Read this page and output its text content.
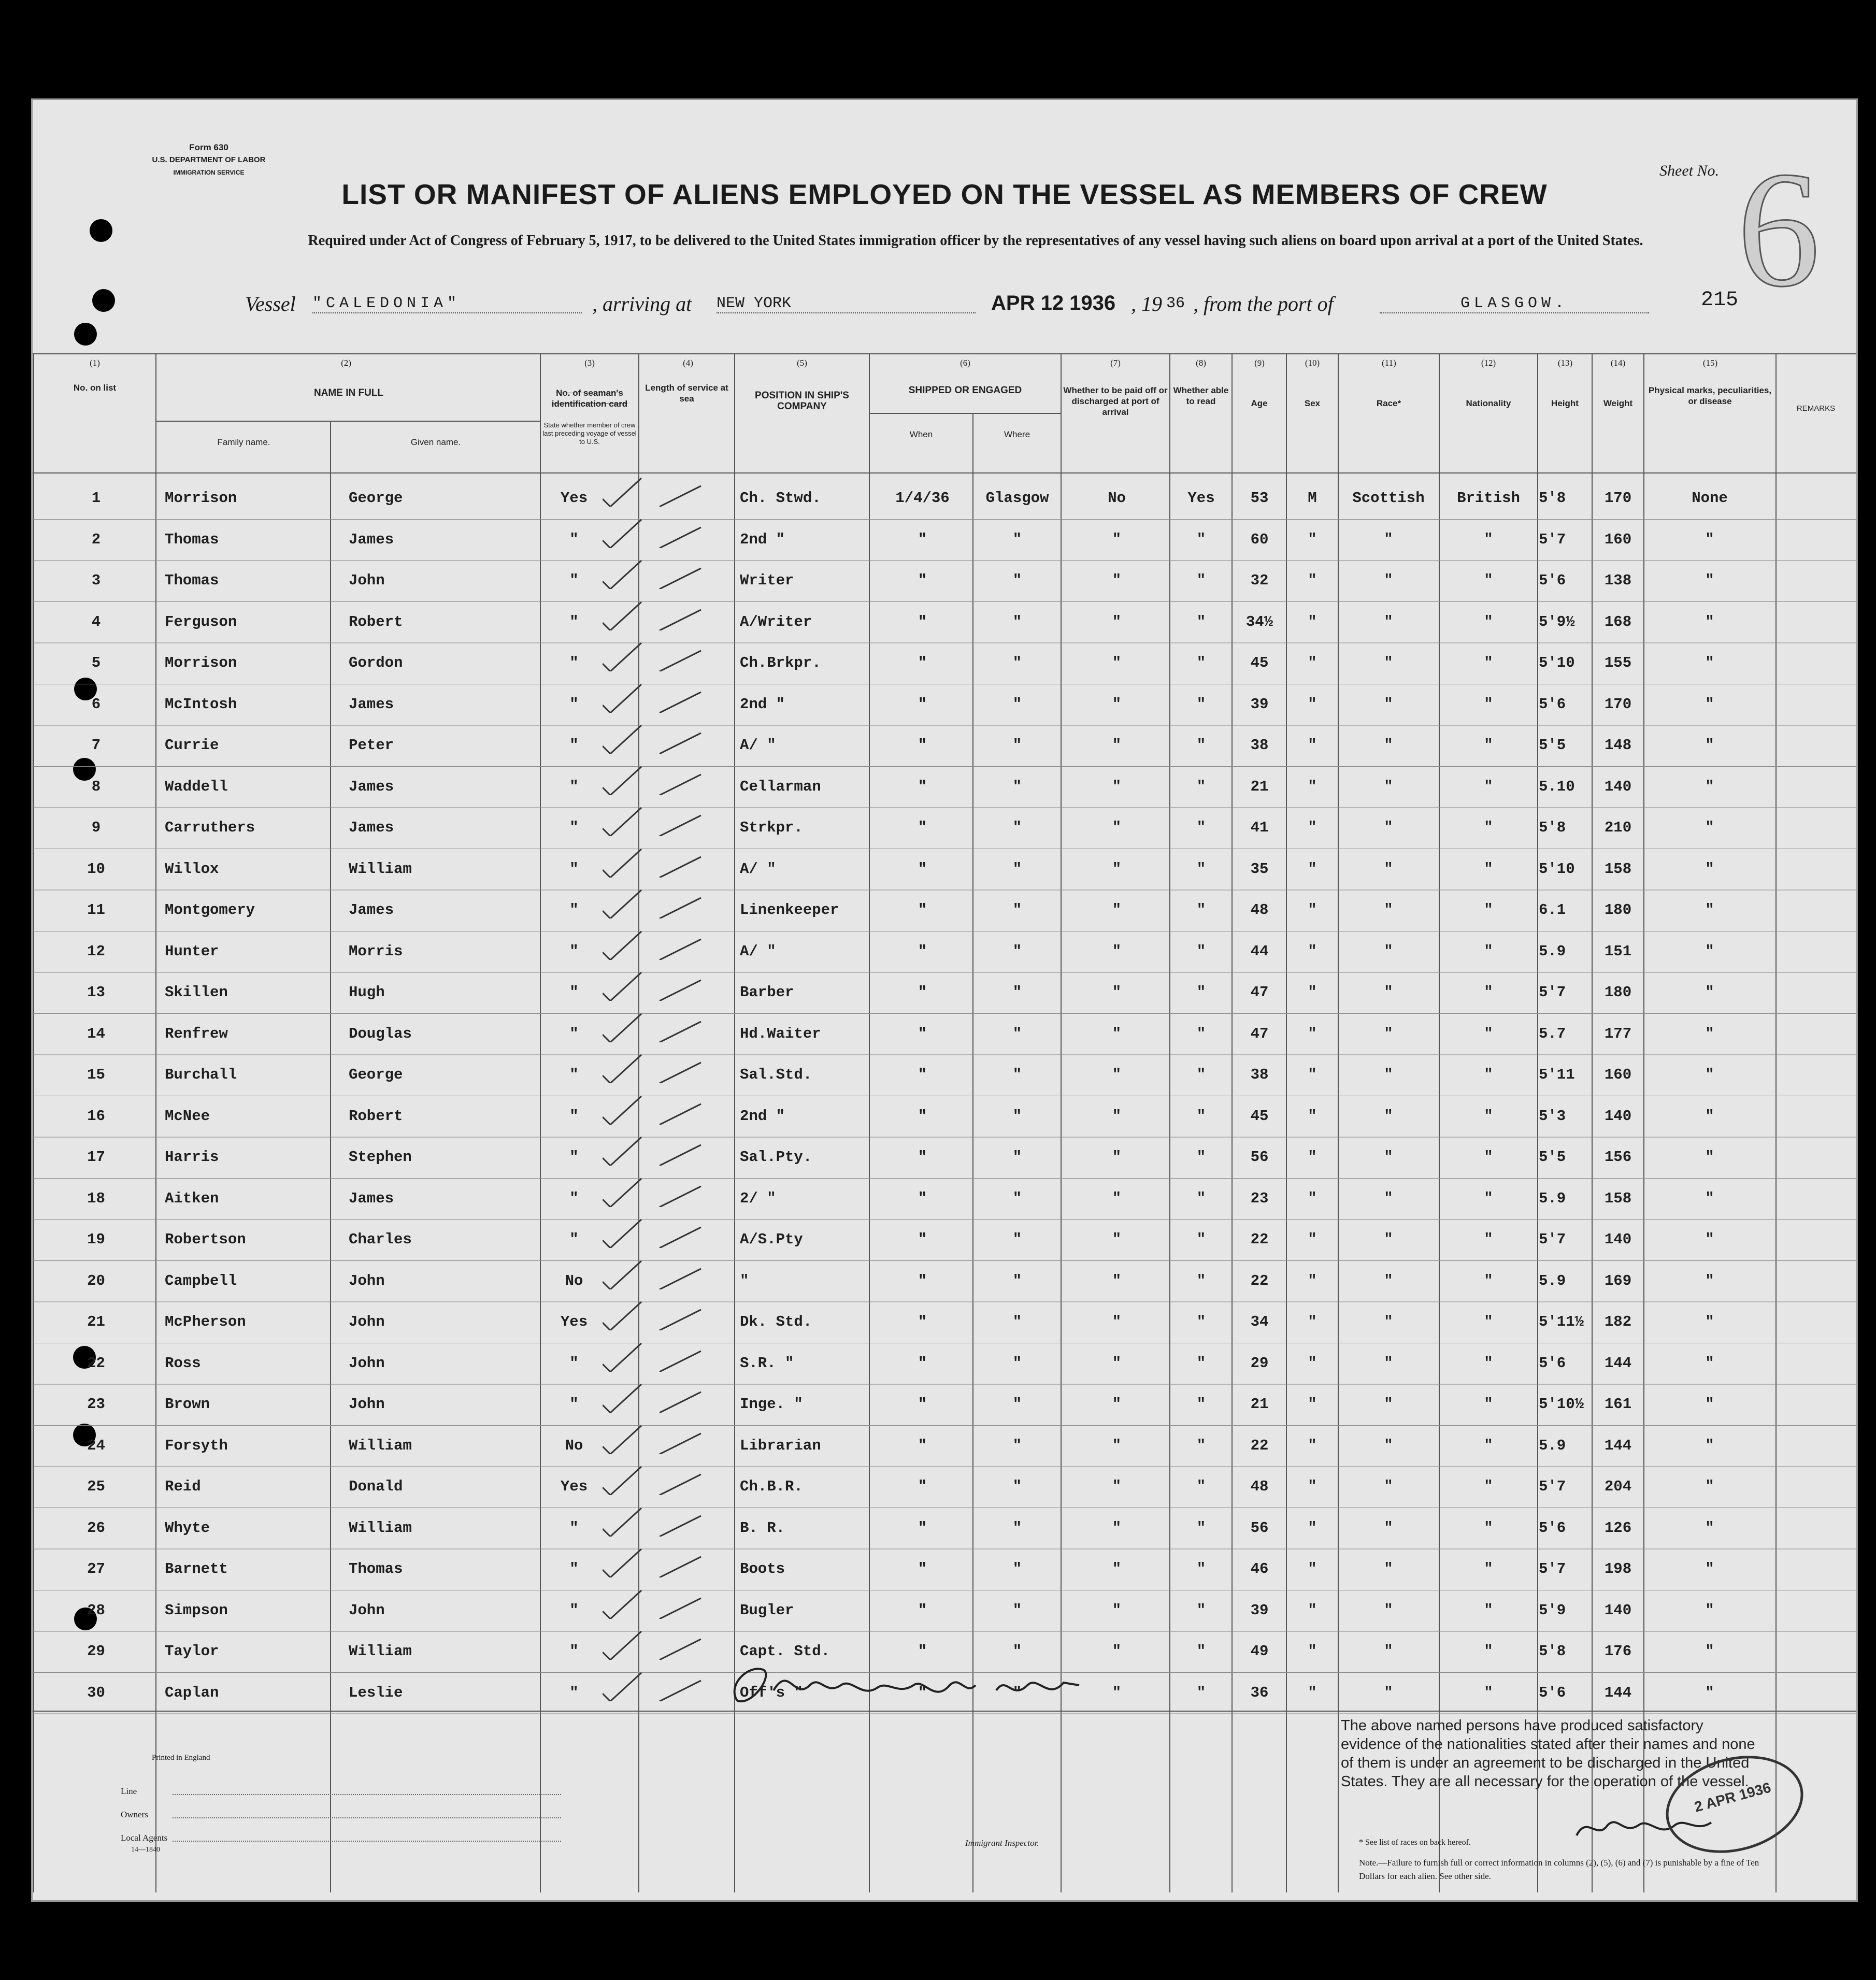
Form 630
U.S. DEPARTMENT OF LABOR
IMMIGRATION SERVICE	Sheet No. 6
LIST OR MANIFEST OF ALIENS EMPLOYED ON THE VESSEL AS MEMBERS OF CREW
Required under Act of Congress of February 5, 1917, to be delivered to the United States immigration officer by the representatives of any vessel having such aliens on board upon arrival at a port of the United States.
Vessel "CALEDONIA"	, arriving at NEW YORK	APR 12 1936 , 19 36 , from the port of	GLASGOW.	215
(1)	(2)	(3)	(4)	(5)	(6)	(7)	(8)	(9)	(10)	(11)	(12)	(13)	(14)	(15)
No. on list	NAME IN FULL
Family name.	Given name.
No. of seaman's identification card
State whether member of crew last preceding voyage of vessel to U.S.
Length of service at sea	POSITION IN SHIP'S COMPANY
SHIPPED OR ENGAGED
When	Where
Whether to be paid off or discharged at port of arrival
Whether able to read	Age	Sex	Race*	Nationality	Height	Weight
Physical marks, peculiarities, or disease
REMARKS
1	Morrison	George	Yes	Ch. Stwd.	1/4/36	Glasgow	No	Yes	53	M	Scottish	British	5'8	170	None
2	Thomas	James	"	2nd "	"	"	"	"	60	"	"	"	5'7	160	"
3	Thomas	John	"	Writer	"	"	"	"	32	"	"	"	5'6	138	"
4	Ferguson	Robert	"	A/Writer	"	"	"	"	34½	"	"	"	5'9½	168	"
5	Morrison	Gordon	"	Ch.Brkpr.	"	"	"	"	45	"	"	"	5'10	155	"
6	McIntosh	James	"	2nd "	"	"	"	"	39	"	"	"	5'6	170	"
7	Currie	Peter	"	A/ "	"	"	"	"	38	"	"	"	5'5	148	"
8	Waddell	James	"	Cellarman	"	"	"	"	21	"	"	"	5.10	140	"
9	Carruthers	James	"	Strkpr.	"	"	"	"	41	"	"	"	5'8	210	"
10	Willox	William	"	A/ "	"	"	"	"	35	"	"	"	5'10	158	"
11	Montgomery	James	"	Linenkeeper	"	"	"	"	48	"	"	"	6.1	180	"
12	Hunter	Morris	"	A/ "	"	"	"	"	44	"	"	"	5.9	151	"
13	Skillen	Hugh	"	Barber	"	"	"	"	47	"	"	"	5'7	180	"
14	Renfrew	Douglas	"	Hd.Waiter	"	"	"	"	47	"	"	"	5.7	177	"
15	Burchall	George	"	Sal.Std.	"	"	"	"	38	"	"	"	5'11	160	"
16	McNee	Robert	"	2nd "	"	"	"	"	45	"	"	"	5'3	140	"
17	Harris	Stephen	"	Sal.Pty.	"	"	"	"	56	"	"	"	5'5	156	"
18	Aitken	James	"	2/ "	"	"	"	"	23	"	"	"	5.9	158	"
19	Robertson	Charles	"	A/S.Pty	"	"	"	"	22	"	"	"	5'7	140	"
20	Campbell	John	No	"	"	"	"	"	22	"	"	"	5.9	169	"
21	McPherson	John	Yes	Dk. Std.	"	"	"	"	34	"	"	"	5'11½	182	"
22	Ross	John	"	S.R. "	"	"	"	"	29	"	"	"	5'6	144	"
23	Brown	John	"	Inge. "	"	"	"	"	21	"	"	"	5'10½	161	"
24	Forsyth	William	No	Librarian	"	"	"	"	22	"	"	"	5.9	144	"
25	Reid	Donald	Yes	Ch.B.R.	"	"	"	"	48	"	"	"	5'7	204	"
26	Whyte	William	"	B. R.	"	"	"	"	56	"	"	"	5'6	126	"
27	Barnett	Thomas	"	Boots	"	"	"	"	46	"	"	"	5'7	198	"
28	Simpson	John	"	Bugler	"	"	"	"	39	"	"	"	5'9	140	"
29	Taylor	William	"	Capt. Std.	"	"	"	"	49	"	"	"	5'8	176	"
30	Caplan	Leslie	"	Off's "	"	"	"	"	36	"	"	"	5'6	144	"
The above named persons have produced satisfactory evidence of the nationalities stated after their names and none of them is under an agreement to be discharged in the United States. They are all necessary for the operation of the vessel.
* See list of races on back hereof.
Note.—Failure to furnish full or correct information in columns (2), (5), (6) and (7) is punishable by a fine of Ten Dollars for each alien. See other side.
2 APR 1936
Printed in England
Line
Owners
Local Agents
14—1840
Immigrant Inspector.
